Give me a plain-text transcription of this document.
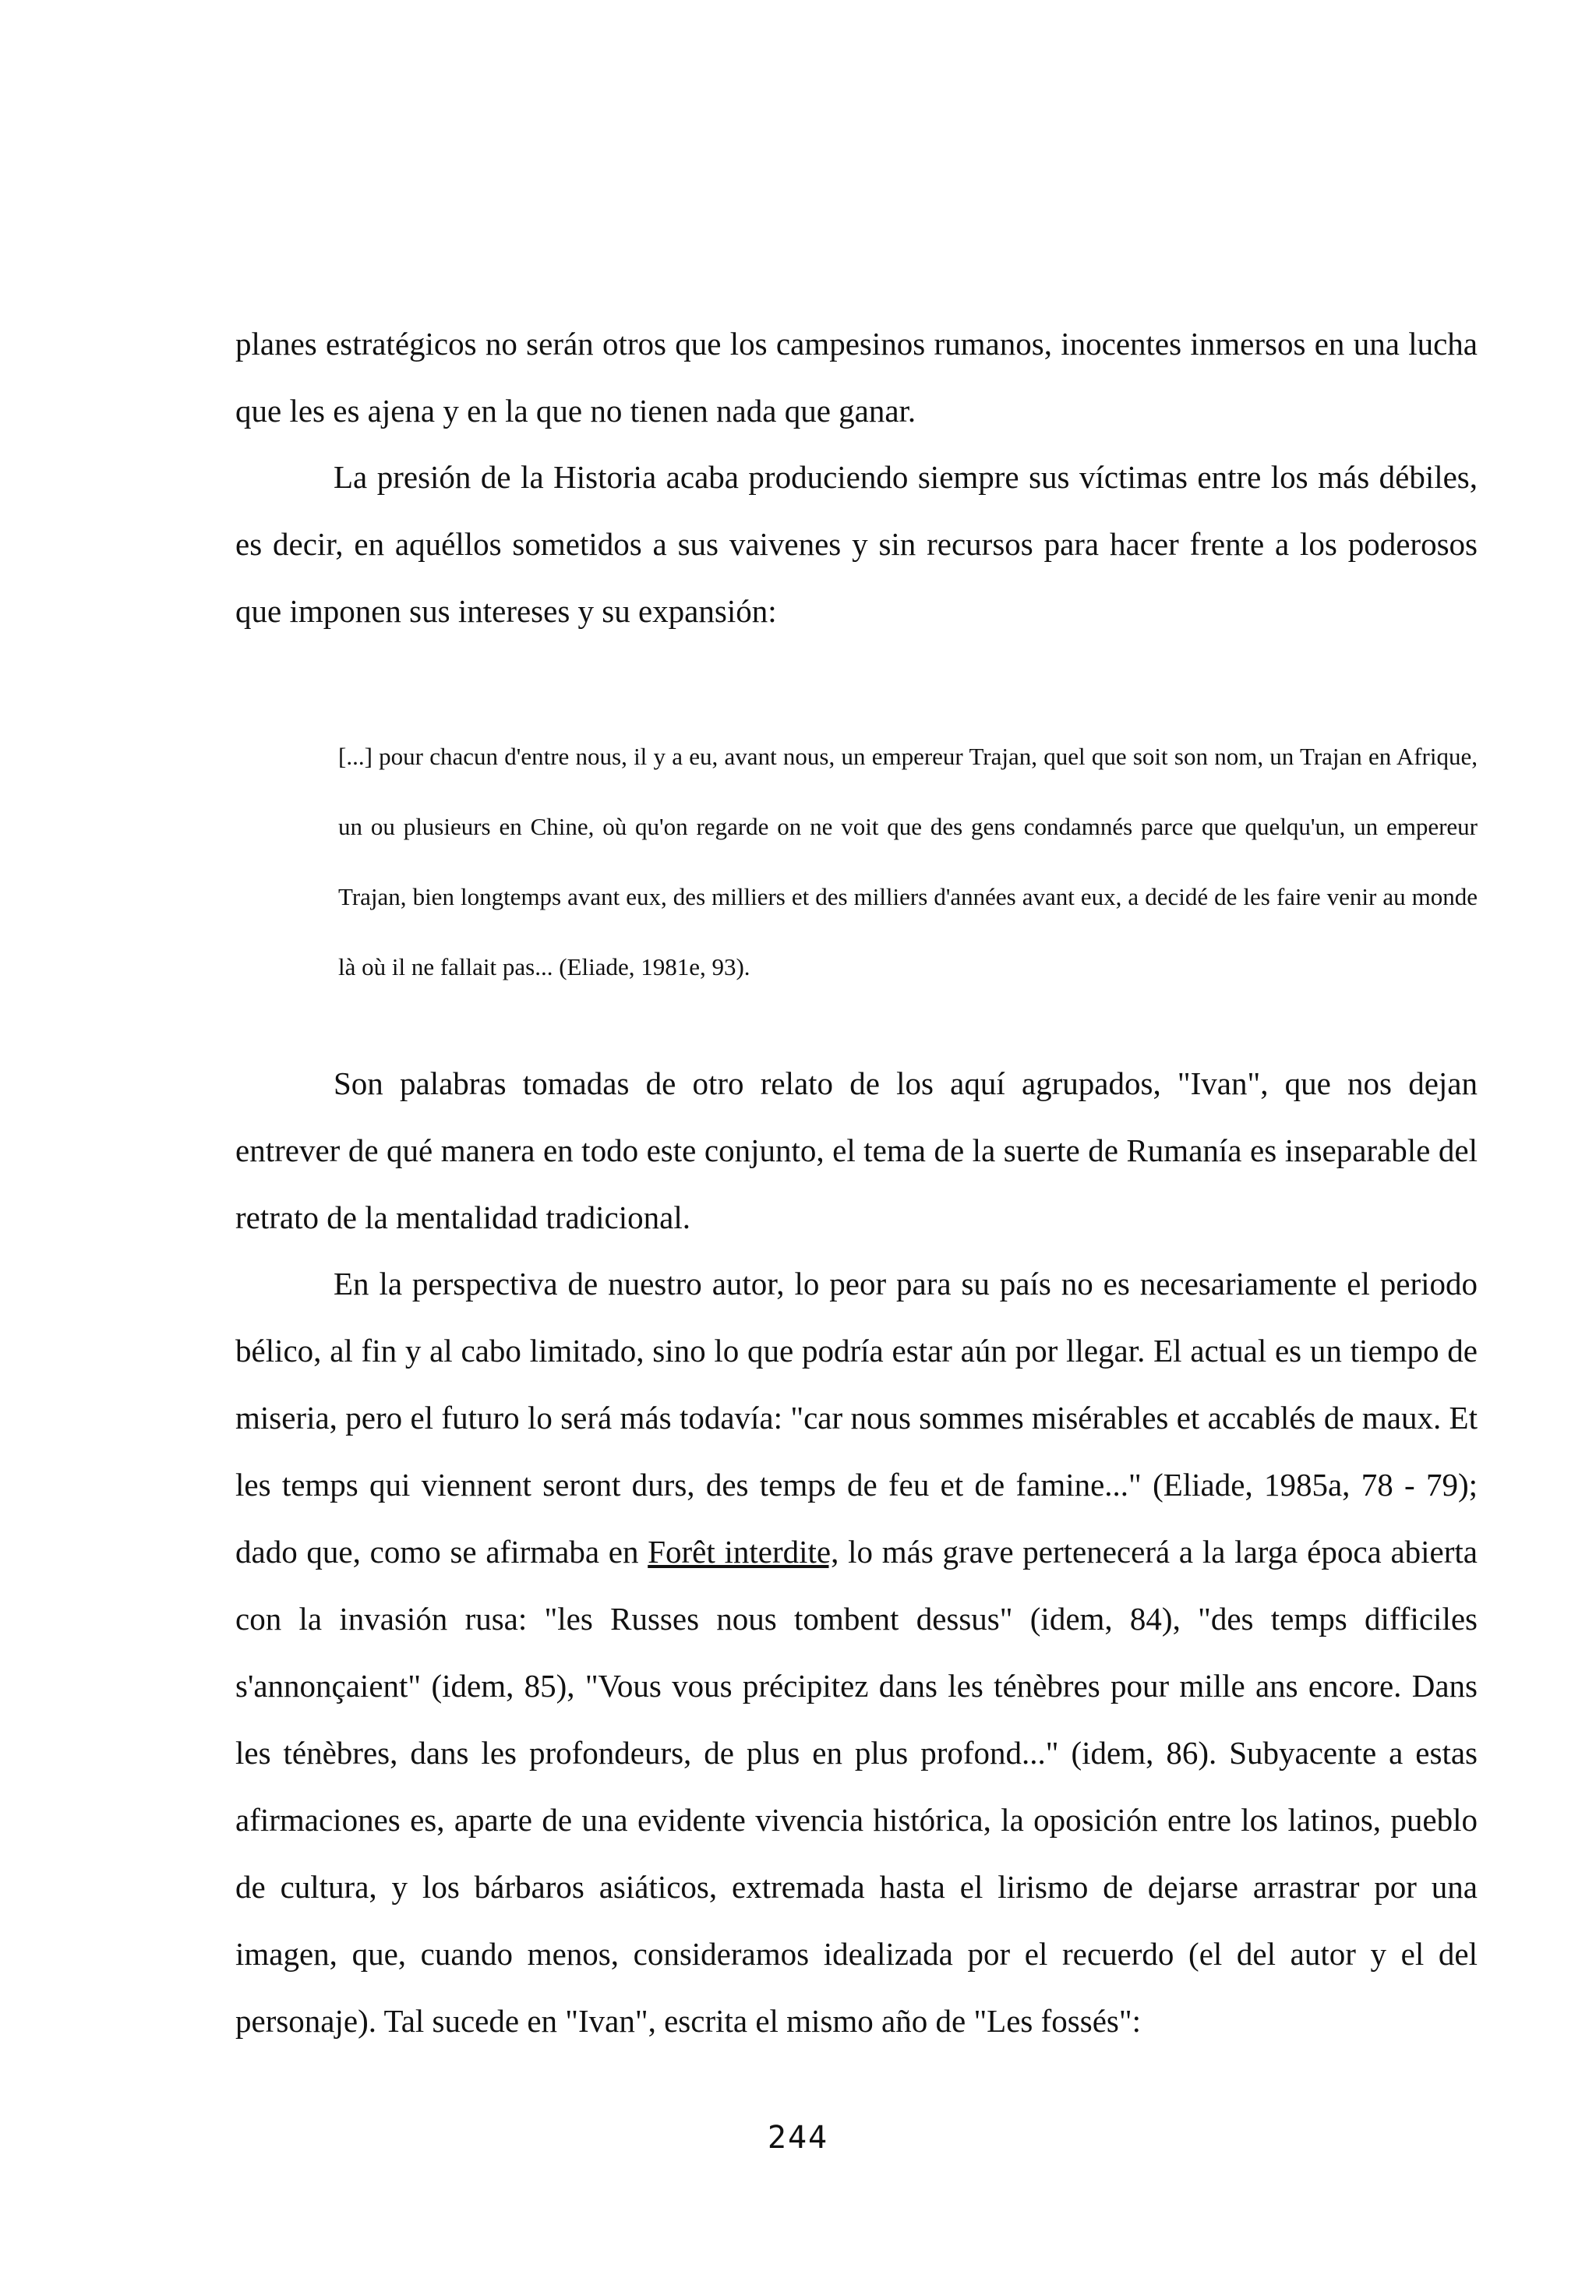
planes estratégicos no serán otros que los campesinos rumanos, inocentes inmersos en una lucha que les es ajena y en la que no tienen nada que ganar.

La presión de la Historia acaba produciendo siempre sus víctimas entre los más débiles, es decir, en aquéllos sometidos a sus vaivenes y sin recursos para hacer frente a los poderosos que imponen sus intereses y su expansión:

[...] pour chacun d'entre nous, il y a eu, avant nous, un empereur Trajan, quel que soit son nom, un Trajan en Afrique, un ou plusieurs en Chine, où qu'on regarde on ne voit que des gens condamnés parce que quelqu'un, un empereur Trajan, bien longtemps avant eux, des milliers et des milliers d'années avant eux, a decidé de les faire venir au monde là où il ne fallait pas... (Eliade, 1981e, 93).

Son palabras tomadas de otro relato de los aquí agrupados, "Ivan", que nos dejan entrever de qué manera en todo este conjunto, el tema de la suerte de Rumanía es inseparable del retrato de la mentalidad tradicional.

En la perspectiva de nuestro autor, lo peor para su país no es necesariamente el periodo bélico, al fin y al cabo limitado, sino lo que podría estar aún por llegar. El actual es un tiempo de miseria, pero el futuro lo será más todavía: "car nous sommes misérables et accablés de maux. Et les temps qui viennent seront durs, des temps de feu et de famine..." (Eliade, 1985a, 78 - 79); dado que, como se afirmaba en Forêt interdite, lo más grave pertenecerá a la larga época abierta con la invasión rusa: "les Russes nous tombent dessus" (idem, 84), "des temps difficiles s'annonçaient" (idem, 85), "Vous vous précipitez dans les ténèbres pour mille ans encore. Dans les ténèbres, dans les profondeurs, de plus en plus profond..." (idem, 86). Subyacente a estas afirmaciones es, aparte de una evidente vivencia histórica, la oposición entre los latinos, pueblo de cultura, y los bárbaros asiáticos, extremada hasta el lirismo de dejarse arrastrar por una imagen, que, cuando menos, consideramos idealizada por el recuerdo (el del autor y el del personaje). Tal sucede en "Ivan", escrita el mismo año de "Les fossés":

244
